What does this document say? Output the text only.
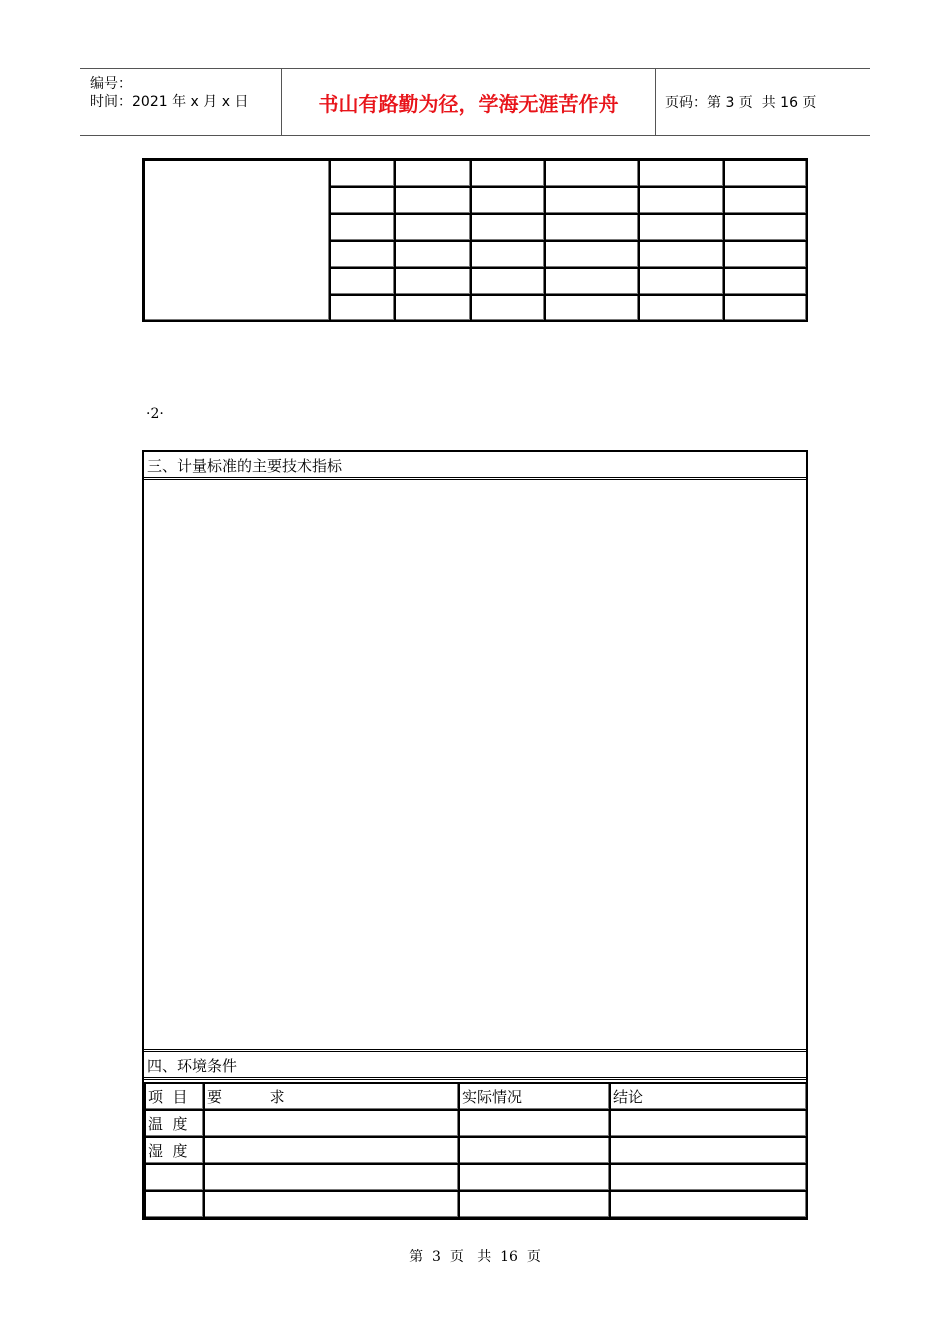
编号：
时间：2021 年 x 月 x 日	书山有路勤为径，学海无涯苦作舟	页码：第 3 页  共 16 页

·2·
三、计量标准的主要技术指标
四、环境条件
项  目	要          求	实际情况	结论
温  度			
湿  度			

第  3  页   共  16  页
